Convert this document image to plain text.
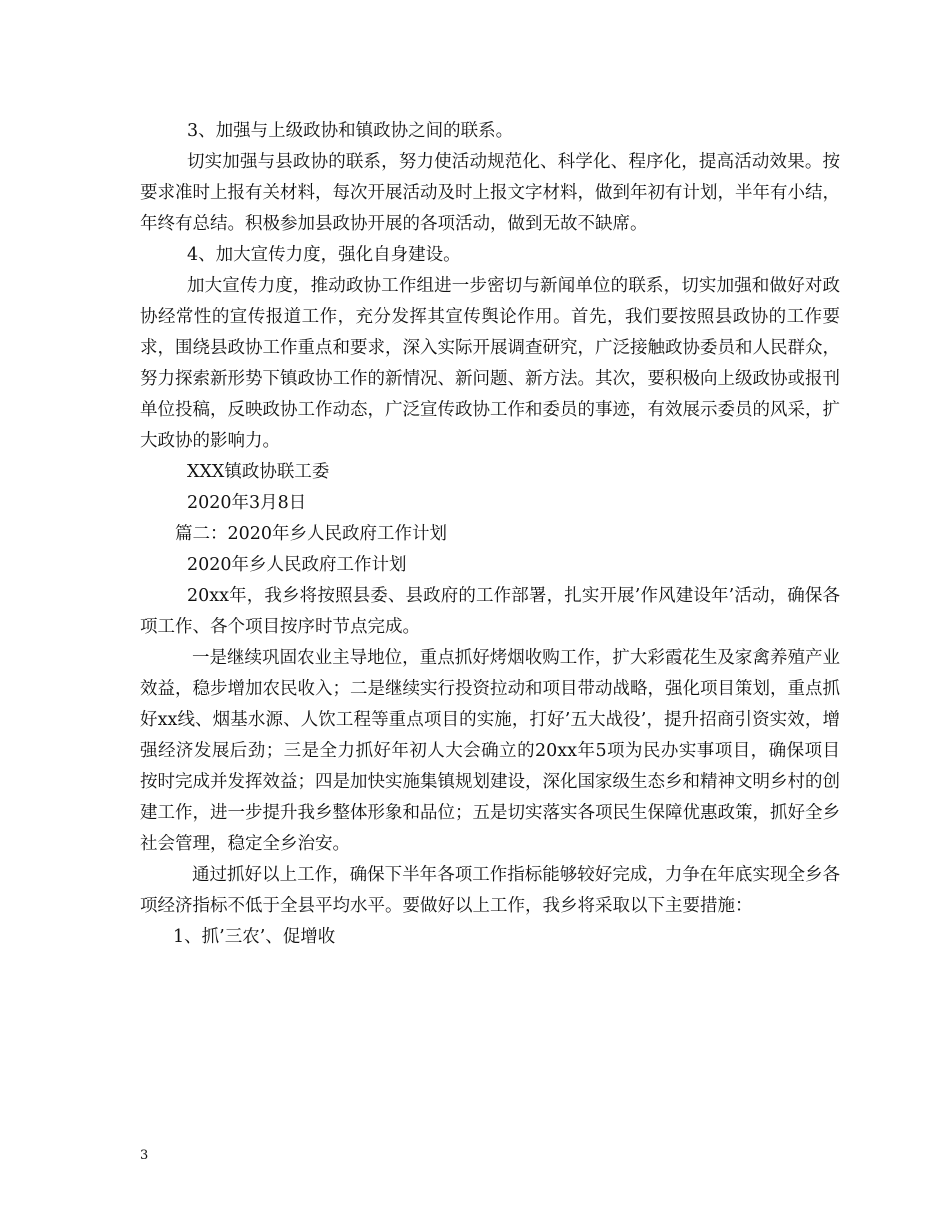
3、加强与上级政协和镇政协之间的联系。

切实加强与县政协的联系，努力使活动规范化、科学化、程序化，提高活动效果。按要求准时上报有关材料，每次开展活动及时上报文字材料，做到年初有计划，半年有小结，年终有总结。积极参加县政协开展的各项活动，做到无故不缺席。

4、加大宣传力度，强化自身建设。

加大宣传力度，推动政协工作组进一步密切与新闻单位的联系，切实加强和做好对政协经常性的宣传报道工作，充分发挥其宣传舆论作用。首先，我们要按照县政协的工作要求，围绕县政协工作重点和要求，深入实际开展调查研究，广泛接触政协委员和人民群众，努力探索新形势下镇政协工作的新情况、新问题、新方法。其次，要积极向上级政协或报刊单位投稿，反映政协工作动态，广泛宣传政协工作和委员的事迹，有效展示委员的风采，扩大政协的影响力。

XXX镇政协联工委

2020年3月8日

篇二：2020年乡人民政府工作计划

2020年乡人民政府工作计划

20xx年，我乡将按照县委、县政府的工作部署，扎实开展’作风建设年’活动，确保各项工作、各个项目按序时节点完成。

一是继续巩固农业主导地位，重点抓好烤烟收购工作，扩大彩霞花生及家禽养殖产业效益，稳步增加农民收入；二是继续实行投资拉动和项目带动战略，强化项目策划，重点抓好xx线、烟基水源、人饮工程等重点项目的实施，打好’五大战役’，提升招商引资实效，增强经济发展后劲；三是全力抓好年初人大会确立的20xx年5项为民办实事项目，确保项目按时完成并发挥效益；四是加快实施集镇规划建设，深化国家级生态乡和精神文明乡村的创建工作，进一步提升我乡整体形象和品位；五是切实落实各项民生保障优惠政策，抓好全乡社会管理，稳定全乡治安。

通过抓好以上工作，确保下半年各项工作指标能够较好完成，力争在年底实现全乡各项经济指标不低于全县平均水平。要做好以上工作，我乡将采取以下主要措施：

1、抓’三农’、促增收

3
